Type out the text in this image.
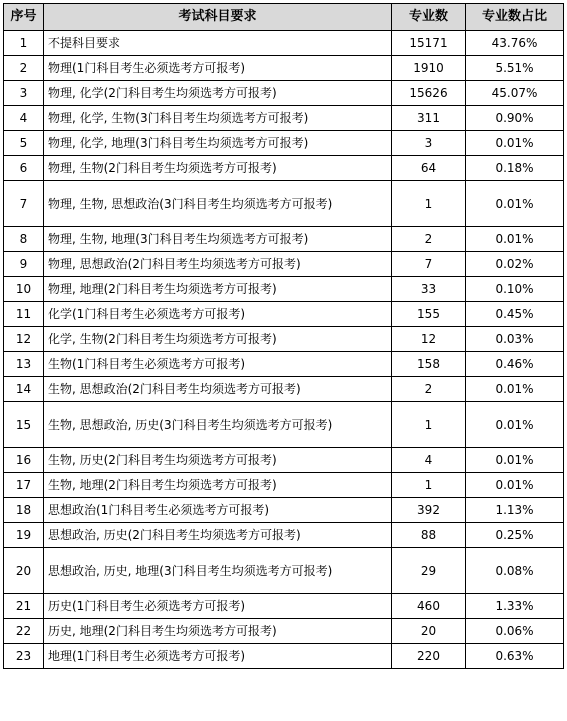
序号	考试科目要求	专业数	专业数占比
1	不提科目要求	15171	43.76%
2	物理(1门科目考生必须选考方可报考)	1910	5.51%
3	物理, 化学(2门科目考生均须选考方可报考)	15626	45.07%
4	物理, 化学, 生物(3门科目考生均须选考方可报考)	311	0.90%
5	物理, 化学, 地理(3门科目考生均须选考方可报考)	3	0.01%
6	物理, 生物(2门科目考生均须选考方可报考)	64	0.18%
7	物理, 生物, 思想政治(3门科目考生均须选考方可报考)	1	0.01%
8	物理, 生物, 地理(3门科目考生均须选考方可报考)	2	0.01%
9	物理, 思想政治(2门科目考生均须选考方可报考)	7	0.02%
10	物理, 地理(2门科目考生均须选考方可报考)	33	0.10%
11	化学(1门科目考生必须选考方可报考)	155	0.45%
12	化学, 生物(2门科目考生均须选考方可报考)	12	0.03%
13	生物(1门科目考生必须选考方可报考)	158	0.46%
14	生物, 思想政治(2门科目考生均须选考方可报考)	2	0.01%
15	生物, 思想政治, 历史(3门科目考生均须选考方可报考)	1	0.01%
16	生物, 历史(2门科目考生均须选考方可报考)	4	0.01%
17	生物, 地理(2门科目考生均须选考方可报考)	1	0.01%
18	思想政治(1门科目考生必须选考方可报考)	392	1.13%
19	思想政治, 历史(2门科目考生均须选考方可报考)	88	0.25%
20	思想政治, 历史, 地理(3门科目考生均须选考方可报考)	29	0.08%
21	历史(1门科目考生必须选考方可报考)	460	1.33%
22	历史, 地理(2门科目考生均须选考方可报考)	20	0.06%
23	地理(1门科目考生必须选考方可报考)	220	0.63%
